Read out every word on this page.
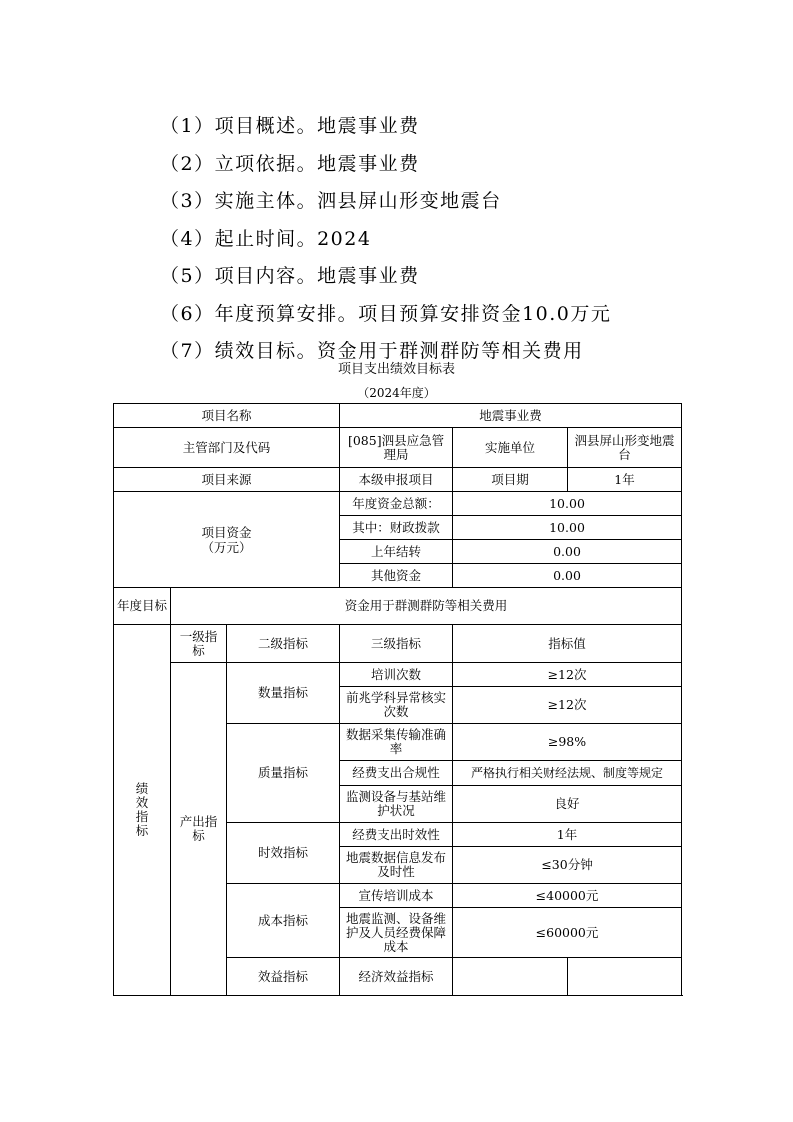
（1）项目概述。地震事业费
（2）立项依据。地震事业费
（3）实施主体。泗县屏山形变地震台
（4）起止时间。2024
（5）项目内容。地震事业费
（6）年度预算安排。项目预算安排资金10.0万元
（7）绩效目标。资金用于群测群防等相关费用
项目支出绩效目标表
（2024年度）
项目名称			地震事业费		
主管部门及代码			[085]泗县应急管理局	实施单位	泗县屏山形变地震台
项目来源			本级申报项目	项目期	1年
项目资金（万元）			年度资金总额：	10.00	
			其中：财政拨款	10.00	
			上年结转	0.00	
			其他资金	0.00	
年度目标	资金用于群测群防等相关费用				
绩效指标	一级指标	二级指标	三级指标	指标值	
	产出指标	数量指标	培训次数	≥12次	
			前兆学科异常核实次数	≥12次	
		质量指标	数据采集传输准确率	≥98%	
			经费支出合规性	严格执行相关财经法规、制度等规定	
			监测设备与基站维护状况	良好	
		时效指标	经费支出时效性	1年	
			地震数据信息发布及时性	≤30分钟	
		成本指标	宣传培训成本	≤40000元	
			地震监测、设备维护及人员经费保障成本	≤60000元	
		效益指标	经济效益指标		
